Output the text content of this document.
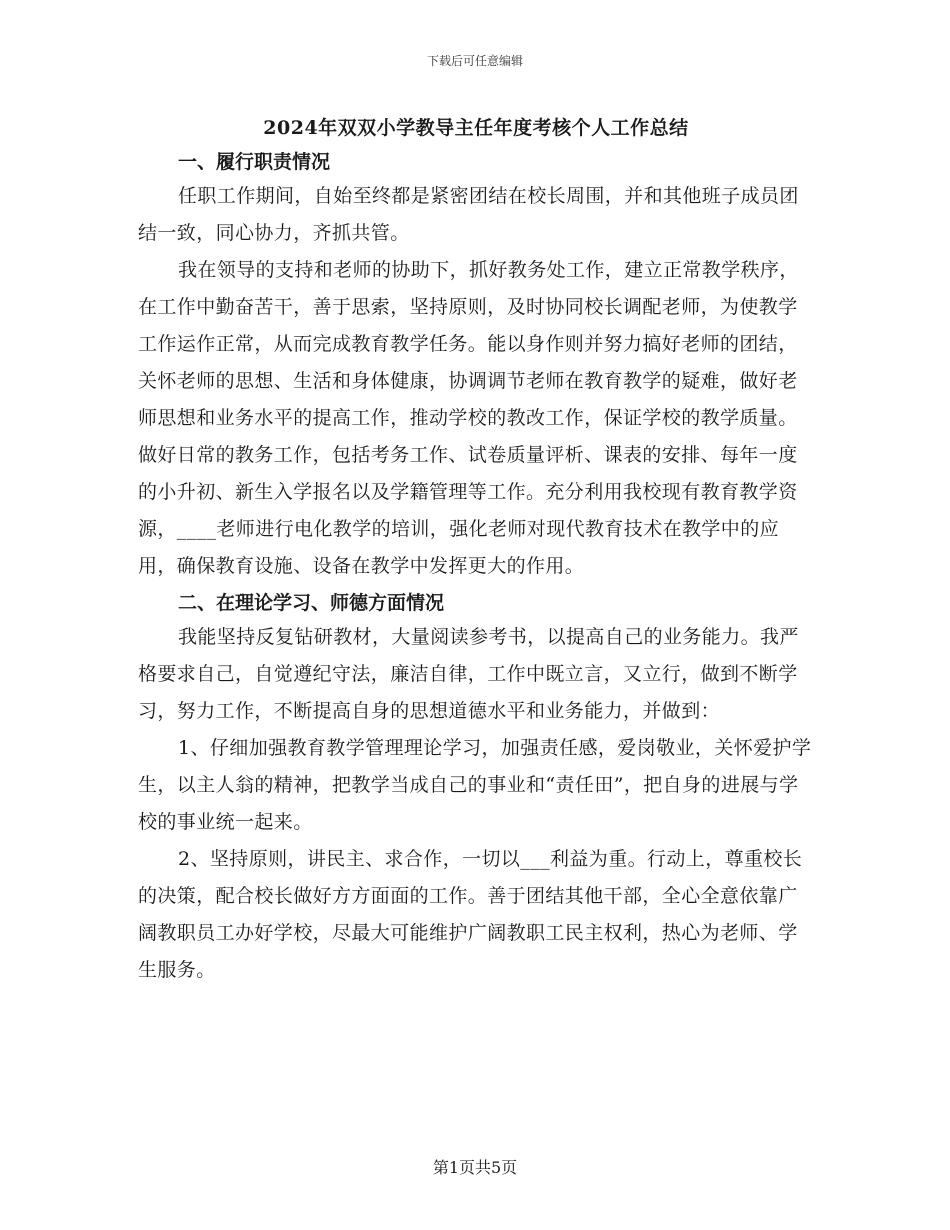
下载后可任意编辑
2024年双双小学教导主任年度考核个人工作总结
一、履行职责情况

任职工作期间，自始至终都是紧密团结在校长周围，并和其他班子成员团结一致，同心协力，齐抓共管。

我在领导的支持和老师的协助下，抓好教务处工作，建立正常教学秩序，在工作中勤奋苦干，善于思索，坚持原则，及时协同校长调配老师，为使教学工作运作正常，从而完成教育教学任务。能以身作则并努力搞好老师的团结，关怀老师的思想、生活和身体健康，协调调节老师在教育教学的疑难，做好老师思想和业务水平的提高工作，推动学校的教改工作，保证学校的教学质量。做好日常的教务工作，包括考务工作、试卷质量评析、课表的安排、每年一度的小升初、新生入学报名以及学籍管理等工作。充分利用我校现有教育教学资源，____老师进行电化教学的培训，强化老师对现代教育技术在教学中的应用，确保教育设施、设备在教学中发挥更大的作用。

二、在理论学习、师德方面情况

我能坚持反复钻研教材，大量阅读参考书，以提高自己的业务能力。我严格要求自己，自觉遵纪守法，廉洁自律，工作中既立言，又立行，做到不断学习，努力工作，不断提高自身的思想道德水平和业务能力，并做到：

1、仔细加强教育教学管理理论学习，加强责任感，爱岗敬业，关怀爱护学生，以主人翁的精神，把教学当成自己的事业和“责任田”，把自身的进展与学校的事业统一起来。

2、坚持原则，讲民主、求合作，一切以___利益为重。行动上，尊重校长的决策，配合校长做好方方面面的工作。善于团结其他干部，全心全意依靠广阔教职员工办好学校，尽最大可能维护广阔教职工民主权利，热心为老师、学生服务。

第1页共5页
